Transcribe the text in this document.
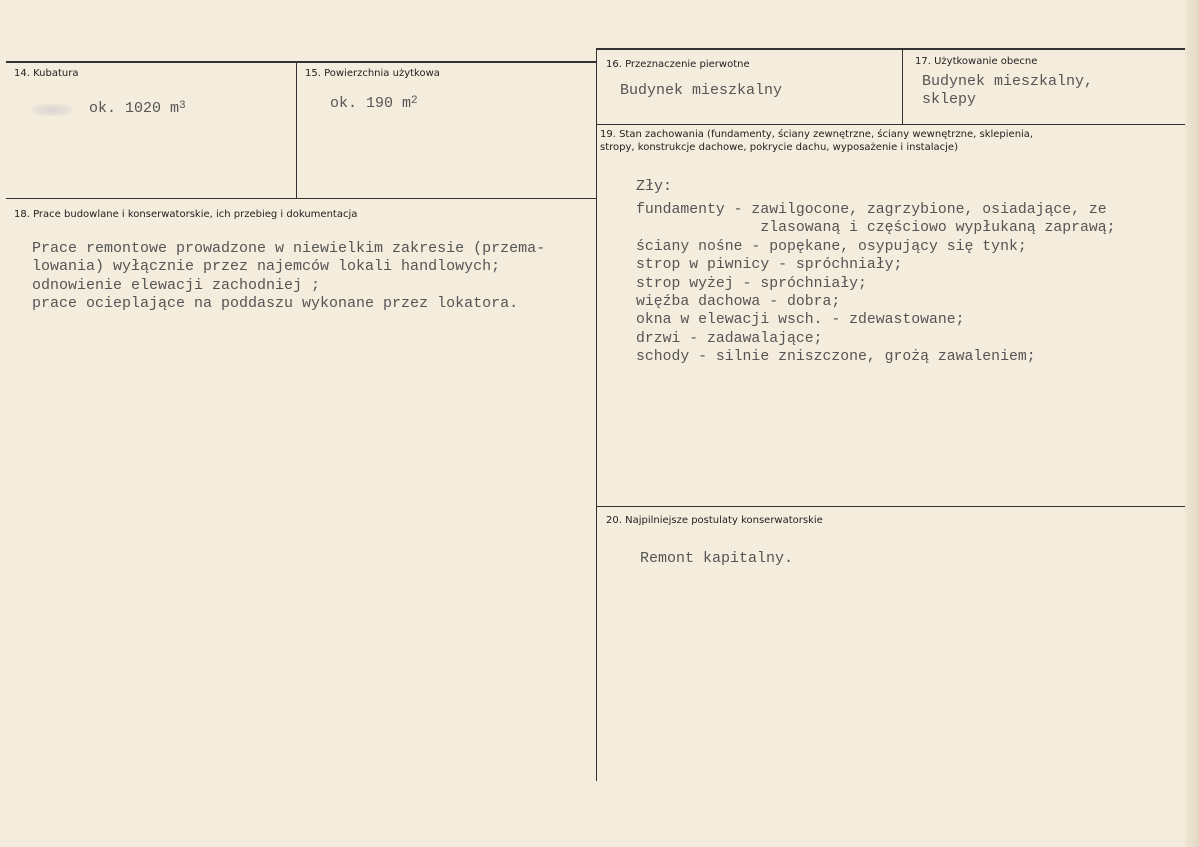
14. Kubatura
ok. 1020 $m^3$
15. Powierzchnia użytkowa
ok. 190 $m^2$
16. Przeznaczenie pierwotne
Budynek mieszkalny
17. Użytkowanie obecne
Budynek mieszkalny,
sklepy
18. Prace budowlane i konserwatorskie, ich przebieg i dokumentacja
Prace remontowe prowadzone w niewielkim zakresie (przema-
lowania) wyłącznie przez najemców lokali handlowych;
odnowienie elewacji zachodniej ;
prace ocieplające na poddaszu wykonane przez lokatora.
19. Stan zachowania (fundamenty, ściany zewnętrzne, ściany wewnętrzne, sklepienia,
stropy, konstrukcje dachowe, pokrycie dachu, wyposażenie i instalacje)
Zły:
fundamenty - zawilgocone, zagrzybione, osiadające, ze
zlasowaną i częściowo wypłukaną zaprawą;
ściany nośne - popękane, osypujący się tynk;
strop w piwnicy - spróchniały;
strop wyżej - spróchniały;
więźba dachowa - dobra;
okna w elewacji wsch. - zdewastowane;
drzwi - zadawalające;
schody - silnie zniszczone, grożą zawaleniem;
20. Najpilniejsze postulaty konserwatorskie
Remont kapitalny.
